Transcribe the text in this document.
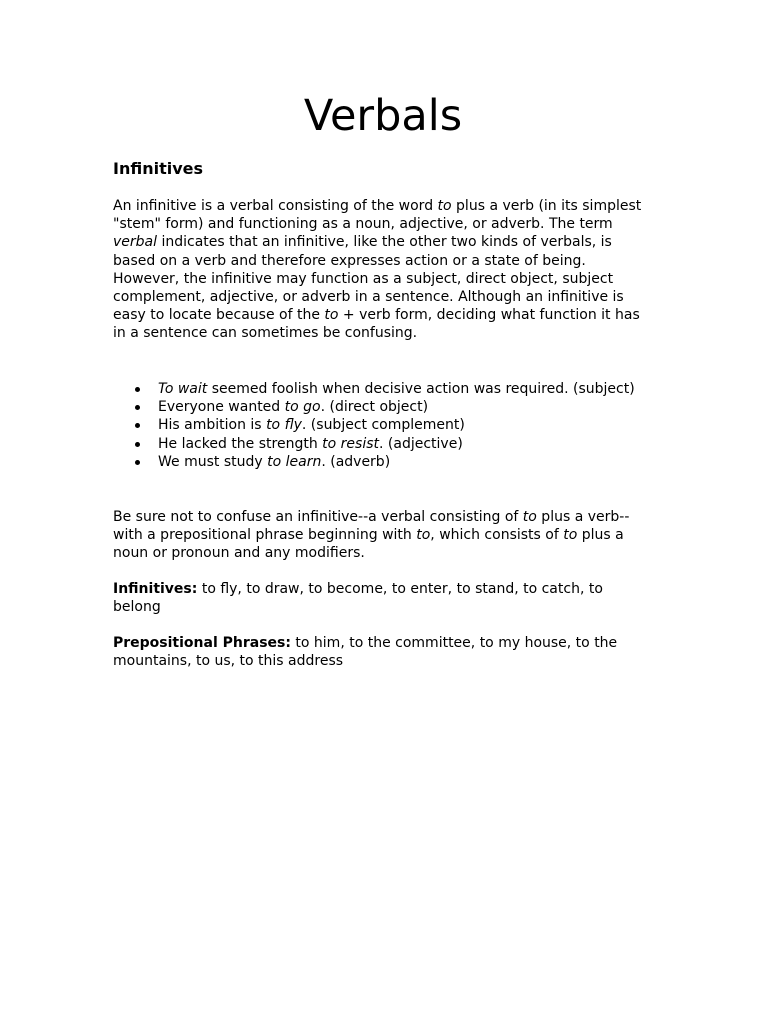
Verbals
Infinitives

An infinitive is a verbal consisting of the word to plus a verb (in its simplest "stem" form) and functioning as a noun, adjective, or adverb. The term verbal indicates that an infinitive, like the other two kinds of verbals, is based on a verb and therefore expresses action or a state of being. However, the infinitive may function as a subject, direct object, subject complement, adjective, or adverb in a sentence. Although an infinitive is easy to locate because of the to + verb form, deciding what function it has in a sentence can sometimes be confusing.

To wait seemed foolish when decisive action was required. (subject)
Everyone wanted to go. (direct object)
His ambition is to fly. (subject complement)
He lacked the strength to resist. (adjective)
We must study to learn. (adverb)

Be sure not to confuse an infinitive--a verbal consisting of to plus a verb--with a prepositional phrase beginning with to, which consists of to plus a noun or pronoun and any modifiers.

Infinitives: to fly, to draw, to become, to enter, to stand, to catch, to belong

Prepositional Phrases: to him, to the committee, to my house, to the mountains, to us, to this address
